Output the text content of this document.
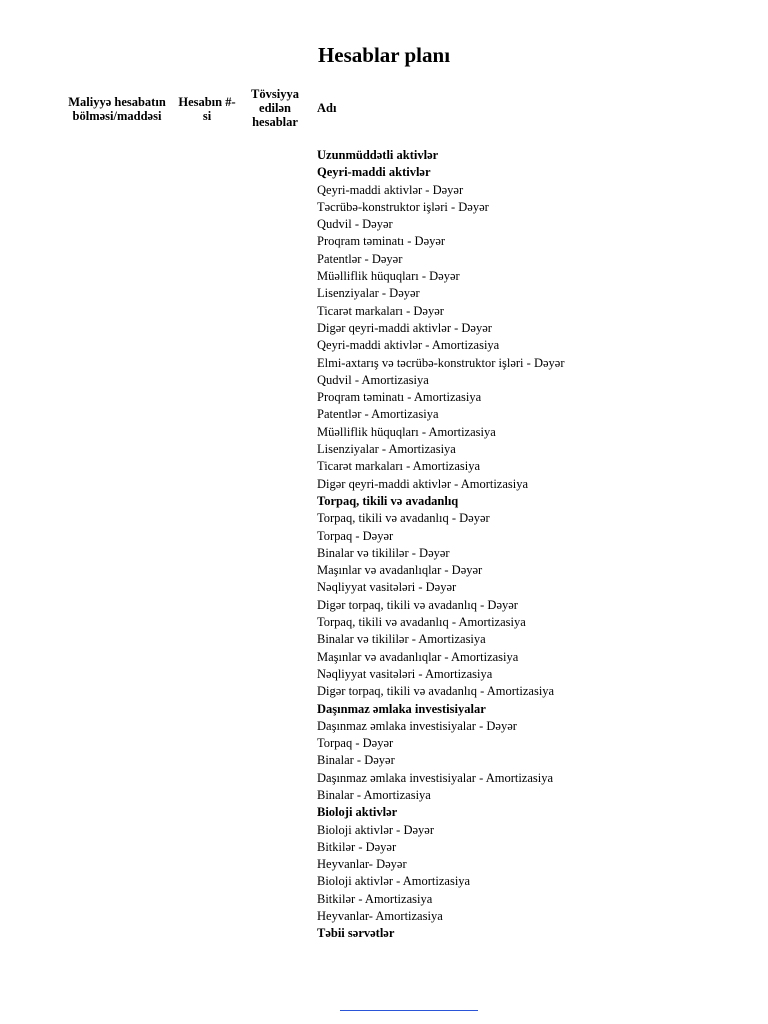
Hesablar planı
Maliyyə hesabatın bölməsi/maddəsi
Hesabın #- si
Tövsiyya edilən hesablar
Adı
Uzunmüddətli aktivlər
Qeyri-maddi aktivlər
Qeyri-maddi aktivlər - Dəyər
Təcrübə-konstruktor işləri - Dəyər
Qudvil - Dəyər
Proqram təminatı - Dəyər
Patentlər - Dəyər
Müəlliflik hüquqları - Dəyər
Lisenziyalar - Dəyər
Ticarət markaları - Dəyər
Digər qeyri-maddi aktivlər - Dəyər
Qeyri-maddi aktivlər - Amortizasiya
Elmi-axtarış və təcrübə-konstruktor işləri - Dəyər
Qudvil - Amortizasiya
Proqram təminatı - Amortizasiya
Patentlər - Amortizasiya
Müəlliflik hüquqları - Amortizasiya
Lisenziyalar - Amortizasiya
Ticarət markaları - Amortizasiya
Digər qeyri-maddi aktivlər - Amortizasiya
Torpaq, tikili və avadanlıq
Torpaq, tikili və avadanlıq - Dəyər
Torpaq - Dəyər
Binalar və tikililər - Dəyər
Maşınlar və avadanlıqlar - Dəyər
Nəqliyyat vasitələri - Dəyər
Digər torpaq, tikili və avadanlıq - Dəyər
Torpaq, tikili və avadanlıq - Amortizasiya
Binalar və tikililər - Amortizasiya
Maşınlar və avadanlıqlar - Amortizasiya
Nəqliyyat vasitələri - Amortizasiya
Digər torpaq, tikili və avadanlıq - Amortizasiya
Daşınmaz əmlaka investisiyalar
Daşınmaz əmlaka investisiyalar - Dəyər
Torpaq - Dəyər
Binalar - Dəyər
Daşınmaz əmlaka investisiyalar - Amortizasiya
Binalar - Amortizasiya
Bioloji aktivlər
Bioloji aktivlər - Dəyər
Bitkilər - Dəyər
Heyvanlar- Dəyər
Bioloji aktivlər - Amortizasiya
Bitkilər - Amortizasiya
Heyvanlar- Amortizasiya
Təbii sərvətlər
